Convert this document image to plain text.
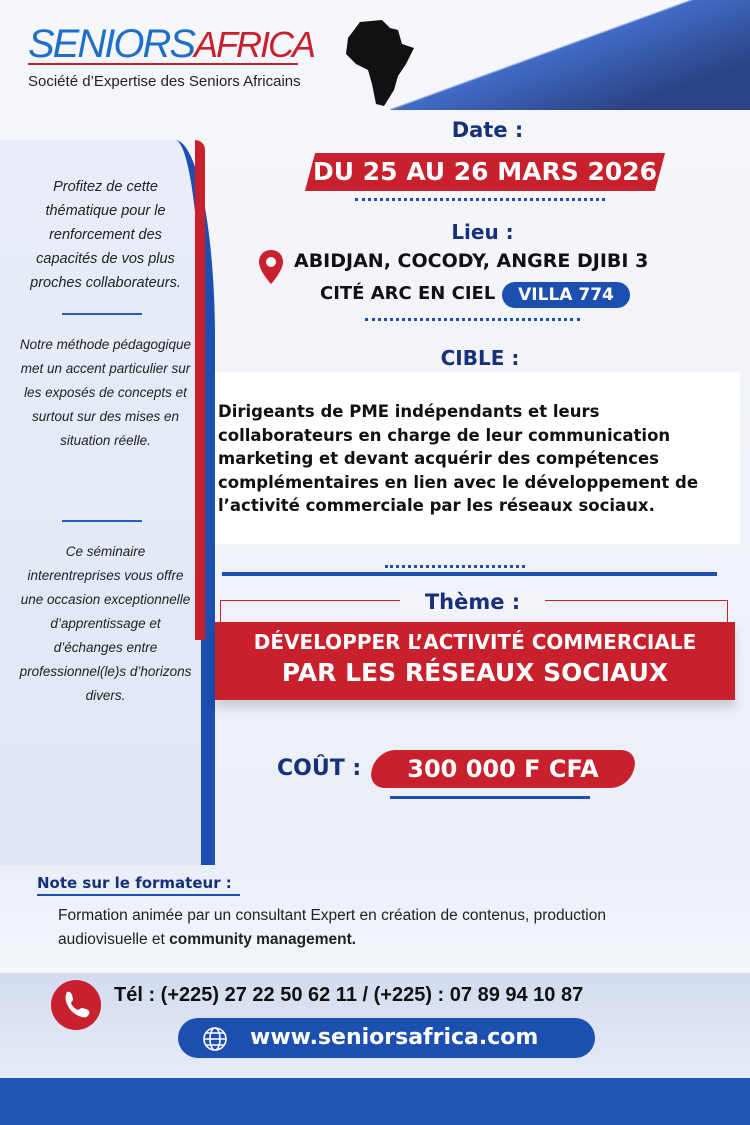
SENIORSAFRICA
Société d’Expertise des Seniors Africains
Profitez de cette thématique pour le renforcement des capacités de vos plus proches collaborateurs.
Notre méthode pédagogique met un accent particulier sur les exposés de concepts et surtout sur des mises en situation réelle.
Ce séminaire interentreprises vous offre une occasion exceptionnelle d’apprentissage et d’échanges entre professionnel(le)s d’horizons divers.
Date :
DU 25 AU 26 MARS 2026
Lieu :
ABIDJAN, COCODY, ANGRE DJIBI 3
CITÉ ARC EN CIEL	VILLA 774
CIBLE :
Dirigeants de PME indépendants et leurs collaborateurs en charge de leur communication marketing et devant acquérir des compétences complémentaires en lien avec le développement de l’activité commerciale par les réseaux sociaux.
Thème :
DÉVELOPPER L’ACTIVITÉ COMMERCIALE
PAR LES RÉSEAUX SOCIAUX
COÛT :	300 000 F CFA
Note sur le formateur :
Formation animée par un consultant Expert en création de contenus, production audiovisuelle et community management.
Tél : (+225) 27 22 50 62 11 / (+225) : 07 89 94 10 87
www.seniorsafrica.com
